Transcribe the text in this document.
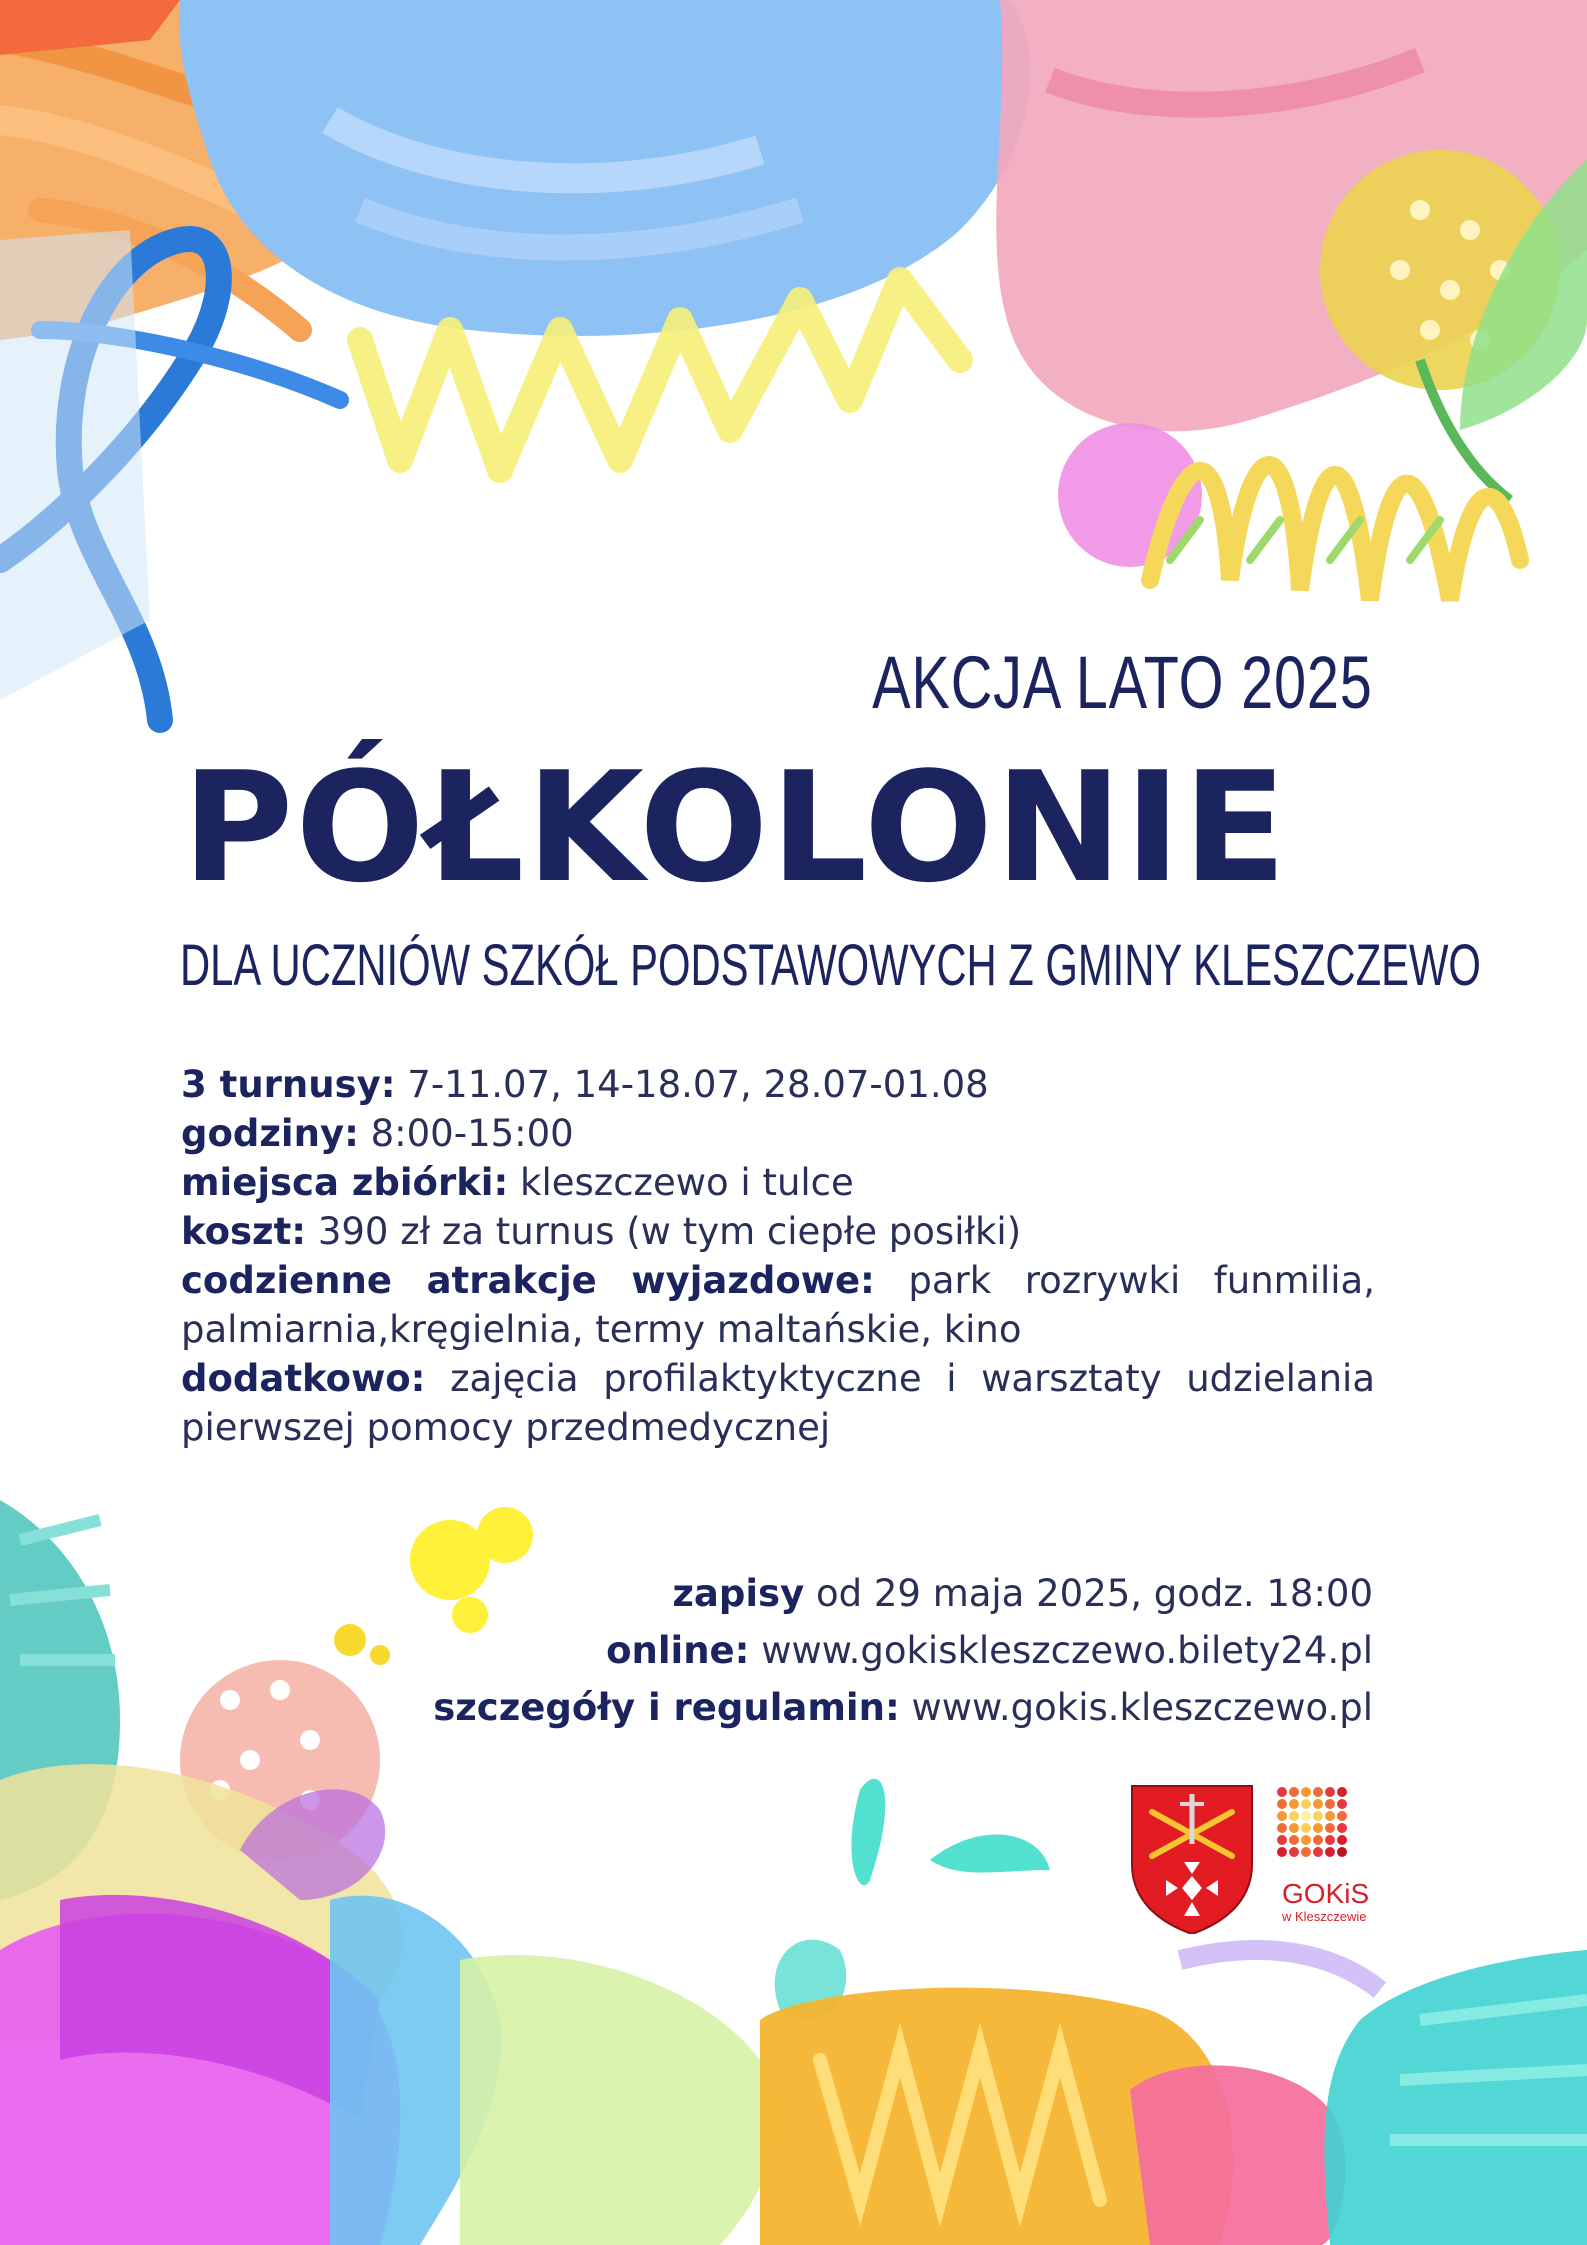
AKCJA LATO 2025
PÓŁKOLONIE
DLA UCZNIÓW SZKÓŁ PODSTAWOWYCH Z GMINY KLESZCZEWO
3 turnusy: 7-11.07, 14-18.07, 28.07-01.08
godziny: 8:00-15:00
miejsca zbiórki: kleszczewo i tulce
koszt: 390 zł za turnus (w tym ciepłe posiłki)
codzienne atrakcje wyjazdowe: park rozrywki funmilia, palmiarnia,kręgielnia, termy maltańskie, kino
dodatkowo: zajęcia profilaktyktyczne i warsztaty udzielania pierwszej pomocy przedmedycznej
zapisy od 29 maja 2025, godz. 18:00
online: www.gokiskleszczewo.bilety24.pl
szczegóły i regulamin: www.gokis.kleszczewo.pl
GOKiS
w Kleszczewie
